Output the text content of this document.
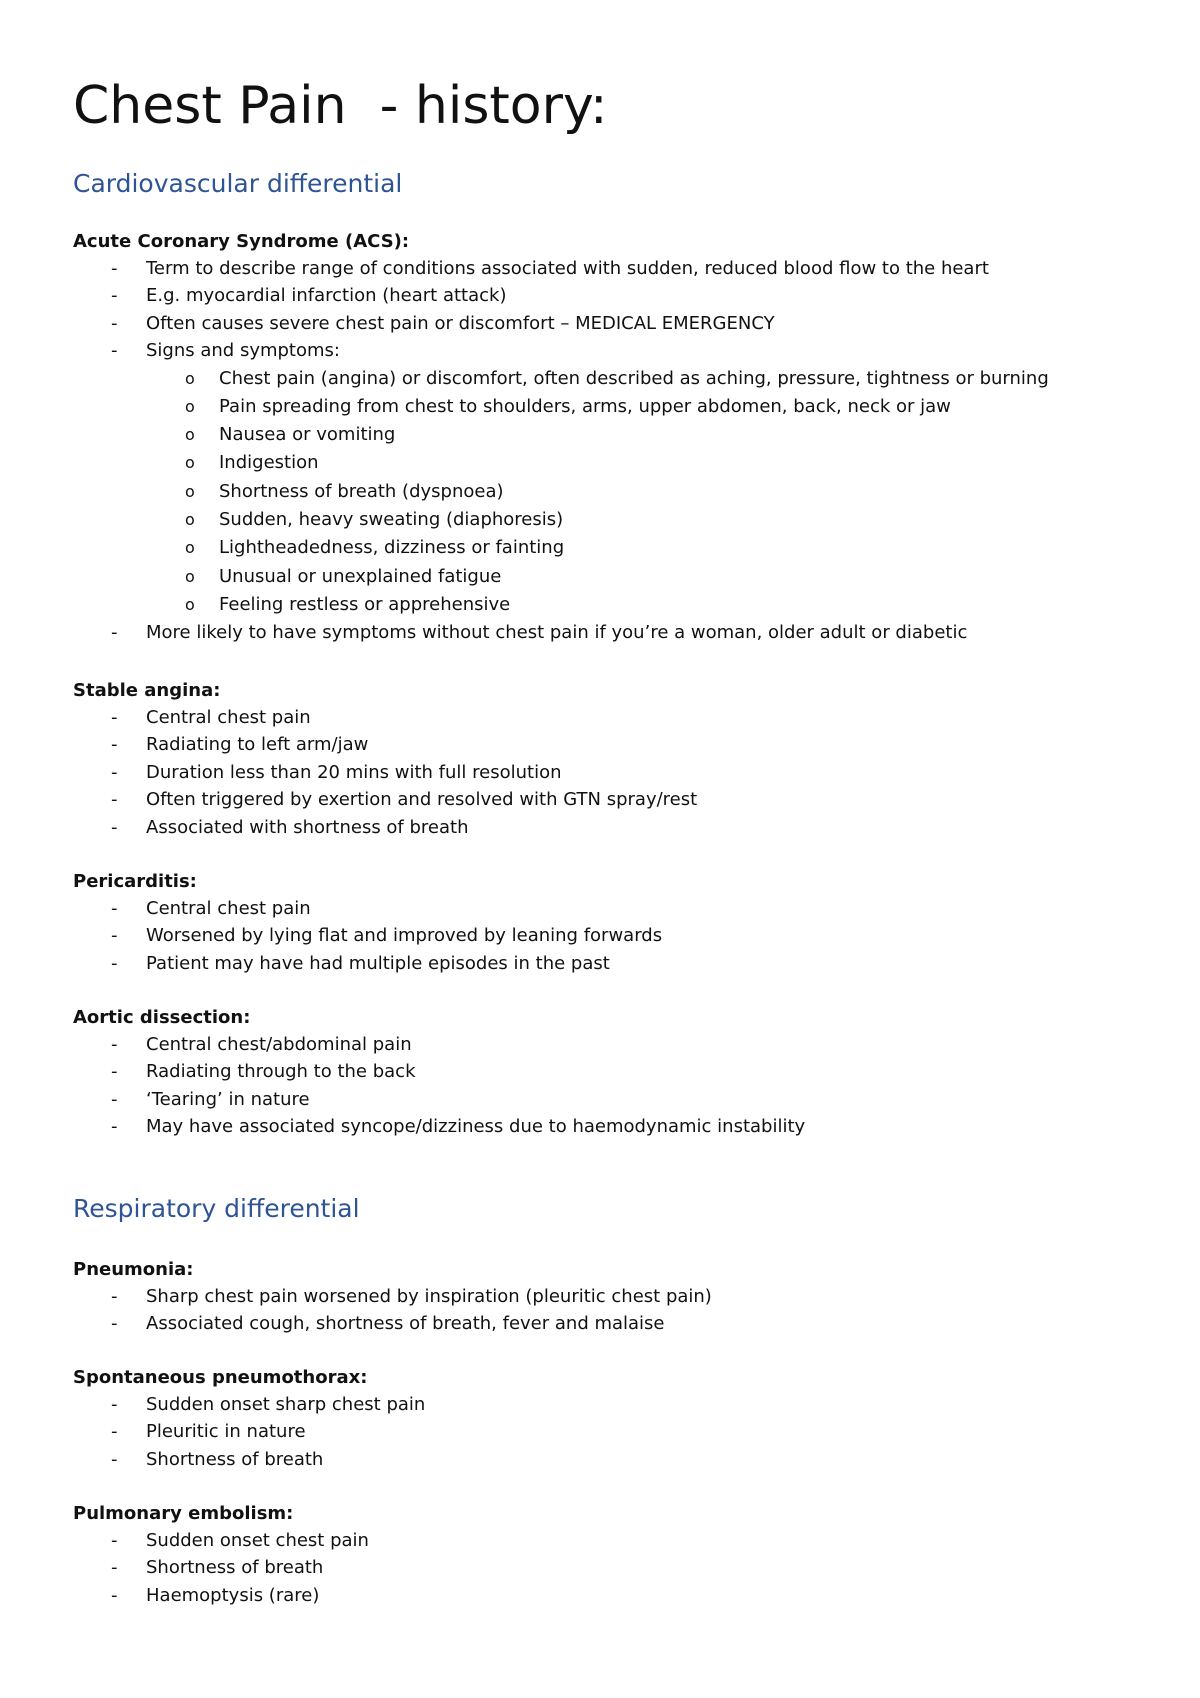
Chest Pain  - history:
Cardiovascular differential
Acute Coronary Syndrome (ACS):
- Term to describe range of conditions associated with sudden, reduced blood flow to the heart
- E.g. myocardial infarction (heart attack)
- Often causes severe chest pain or discomfort – MEDICAL EMERGENCY
- Signs and symptoms:
o Chest pain (angina) or discomfort, often described as aching, pressure, tightness or burning
o Pain spreading from chest to shoulders, arms, upper abdomen, back, neck or jaw
o Nausea or vomiting
o Indigestion
o Shortness of breath (dyspnoea)
o Sudden, heavy sweating (diaphoresis)
o Lightheadedness, dizziness or fainting
o Unusual or unexplained fatigue
o Feeling restless or apprehensive
- More likely to have symptoms without chest pain if you’re a woman, older adult or diabetic
Stable angina:
- Central chest pain
- Radiating to left arm/jaw
- Duration less than 20 mins with full resolution
- Often triggered by exertion and resolved with GTN spray/rest
- Associated with shortness of breath
Pericarditis:
- Central chest pain
- Worsened by lying flat and improved by leaning forwards
- Patient may have had multiple episodes in the past
Aortic dissection:
- Central chest/abdominal pain
- Radiating through to the back
- ‘Tearing’ in nature
- May have associated syncope/dizziness due to haemodynamic instability
Respiratory differential
Pneumonia:
- Sharp chest pain worsened by inspiration (pleuritic chest pain)
- Associated cough, shortness of breath, fever and malaise
Spontaneous pneumothorax:
- Sudden onset sharp chest pain
- Pleuritic in nature
- Shortness of breath
Pulmonary embolism:
- Sudden onset chest pain
- Shortness of breath
- Haemoptysis (rare)
